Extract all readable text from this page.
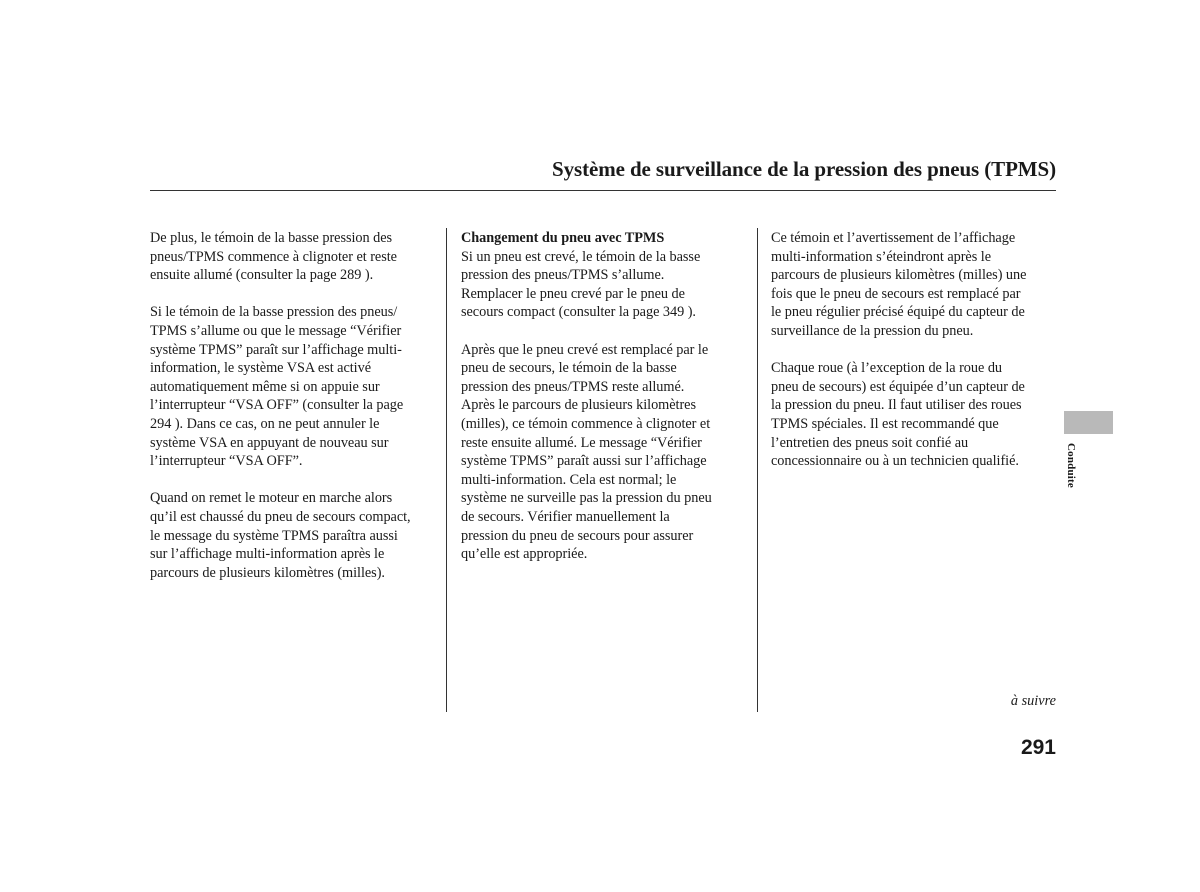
Système de surveillance de la pression des pneus (TPMS)

De plus, le témoin de la basse pression des

pneus/TPMS commence à clignoter et reste

ensuite allumé (consulter la page 289 ).

Si le témoin de la basse pression des pneus/

TPMS s’allume ou que le message “Vérifier

système TPMS” paraît sur l’affichage multi-

information, le système VSA est activé

automatiquement même si on appuie sur

l’interrupteur “VSA OFF” (consulter la page

294 ). Dans ce cas, on ne peut annuler le

système VSA en appuyant de nouveau sur

l’interrupteur “VSA OFF”.

Quand on remet le moteur en marche alors

qu’il est chaussé du pneu de secours compact,

le message du système TPMS paraîtra aussi

sur l’affichage multi-information après le

parcours de plusieurs kilomètres (milles).

Changement du pneu avec TPMS

Si un pneu est crevé, le témoin de la basse

pression des pneus/TPMS s’allume.

Remplacer le pneu crevé par le pneu de

secours compact (consulter la page 349 ).

Après que le pneu crevé est remplacé par le

pneu de secours, le témoin de la basse

pression des pneus/TPMS reste allumé.

Après le parcours de plusieurs kilomètres

(milles), ce témoin commence à clignoter et

reste ensuite allumé. Le message “Vérifier

système TPMS” paraît aussi sur l’affichage

multi-information. Cela est normal; le

système ne surveille pas la pression du pneu

de secours. Vérifier manuellement la

pression du pneu de secours pour assurer

qu’elle est appropriée.

Ce témoin et l’avertissement de l’affichage

multi-information s’éteindront après le

parcours de plusieurs kilomètres (milles) une

fois que le pneu de secours est remplacé par

le pneu régulier précisé équipé du capteur de

surveillance de la pression du pneu.

Chaque roue (à l’exception de la roue du

pneu de secours) est équipée d’un capteur de

la pression du pneu. Il faut utiliser des roues

TPMS spéciales. Il est recommandé que

l’entretien des pneus soit confié au

concessionnaire ou à un technicien qualifié.	Conduite
à suivre
291
